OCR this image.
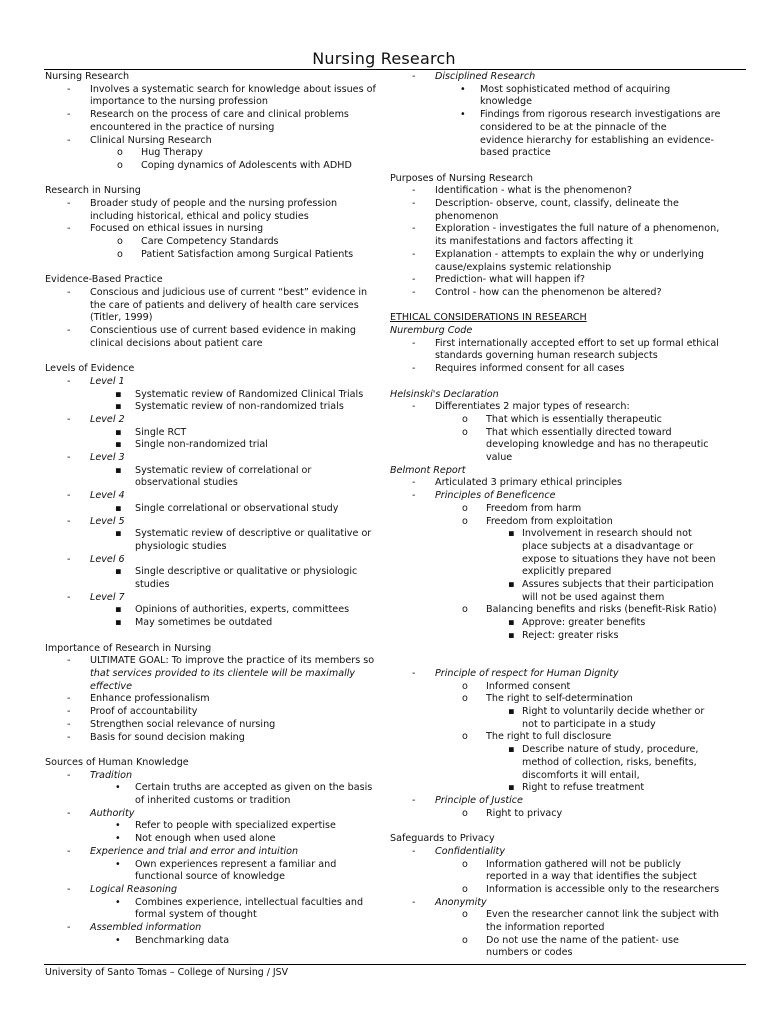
Nursing Research
Nursing Research
- Involves a systematic search for knowledge about issues of
importance to the nursing profession
- Research on the process of care and clinical problems
encountered in the practice of nursing
- Clinical Nursing Research
o Hug Therapy
o Coping dynamics of Adolescents with ADHD
Research in Nursing
- Broader study of people and the nursing profession
including historical, ethical and policy studies
- Focused on ethical issues in nursing
o Care Competency Standards
o Patient Satisfaction among Surgical Patients
Evidence-Based Practice
- Conscious and judicious use of current “best” evidence in
the care of patients and delivery of health care services
(Titler, 1999)
- Conscientious use of current based evidence in making
clinical decisions about patient care
Levels of Evidence
- Level 1
▪ Systematic review of Randomized Clinical Trials
▪ Systematic review of non-randomized trials
- Level 2
▪ Single RCT
▪ Single non-randomized trial
- Level 3
▪ Systematic review of correlational or
observational studies
- Level 4
▪ Single correlational or observational study
- Level 5
▪ Systematic review of descriptive or qualitative or
physiologic studies
- Level 6
▪ Single descriptive or qualitative or physiologic
studies
- Level 7
▪ Opinions of authorities, experts, committees
▪ May sometimes be outdated
Importance of Research in Nursing
- ULTIMATE GOAL: To improve the practice of its members so
that services provided to its clientele will be maximally
effective
- Enhance professionalism
- Proof of accountability
- Strengthen social relevance of nursing
- Basis for sound decision making
Sources of Human Knowledge
- Tradition
• Certain truths are accepted as given on the basis
of inherited customs or tradition
- Authority
• Refer to people with specialized expertise
• Not enough when used alone
- Experience and trial and error and intuition
• Own experiences represent a familiar and
functional source of knowledge
- Logical Reasoning
• Combines experience, intellectual faculties and
formal system of thought
- Assembled information
• Benchmarking data
- Disciplined Research
• Most sophisticated method of acquiring
knowledge
• Findings from rigorous research investigations are
considered to be at the pinnacle of the
evidence hierarchy for establishing an evidence-
based practice
Purposes of Nursing Research
- Identification - what is the phenomenon?
- Description- observe, count, classify, delineate the
phenomenon
- Exploration - investigates the full nature of a phenomenon,
its manifestations and factors affecting it
- Explanation - attempts to explain the why or underlying
cause/explains systemic relationship
- Prediction- what will happen if?
- Control - how can the phenomenon be altered?
ETHICAL CONSIDERATIONS IN RESEARCH
Nuremburg Code
- First internationally accepted effort to set up formal ethical
standards governing human research subjects
- Requires informed consent for all cases
Helsinski's Declaration
- Differentiates 2 major types of research:
o That which is essentially therapeutic
o That which essentially directed toward
developing knowledge and has no therapeutic
value
Belmont Report
- Articulated 3 primary ethical principles
- Principles of Beneficence
o Freedom from harm
o Freedom from exploitation
▪ Involvement in research should not
place subjects at a disadvantage or
expose to situations they have not been
explicitly prepared
▪ Assures subjects that their participation
will not be used against them
o Balancing benefits and risks (benefit-Risk Ratio)
▪ Approve: greater benefits
▪ Reject: greater risks
- Principle of respect for Human Dignity
o Informed consent
o The right to self-determination
▪ Right to voluntarily decide whether or
not to participate in a study
o The right to full disclosure
▪ Describe nature of study, procedure,
method of collection, risks, benefits,
discomforts it will entail,
▪ Right to refuse treatment
- Principle of Justice
o Right to privacy
Safeguards to Privacy
- Confidentiality
o Information gathered will not be publicly
reported in a way that identifies the subject
o Information is accessible only to the researchers
- Anonymity
o Even the researcher cannot link the subject with
the information reported
o Do not use the name of the patient- use
numbers or codes
University of Santo Tomas – College of Nursing / JSV
